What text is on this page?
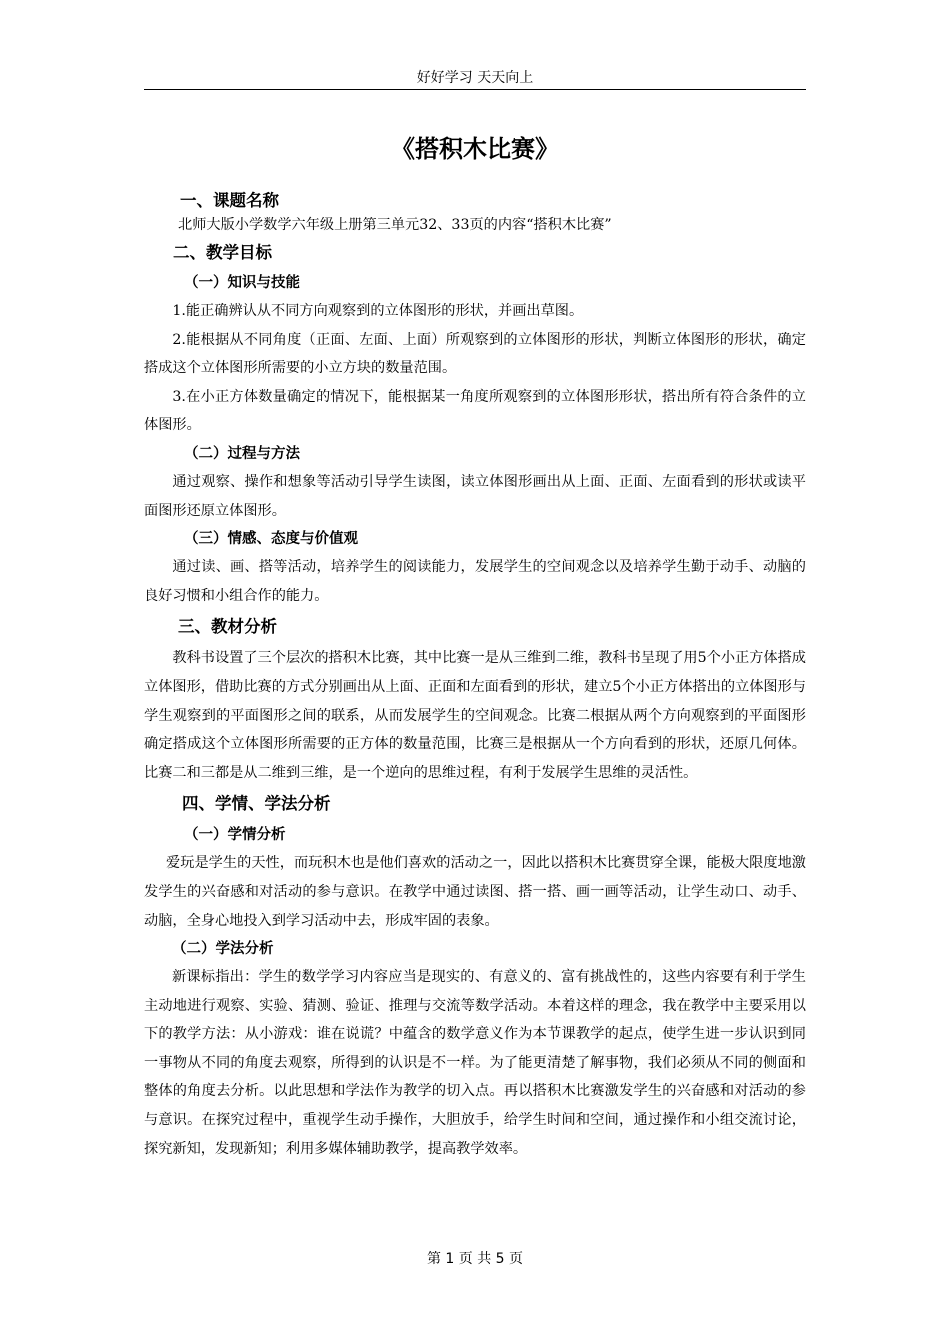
好好学习 天天向上
《搭积木比赛》
一、课题名称

北师大版小学数学六年级上册第三单元32、33页的内容“搭积木比赛”

二、教学目标
（一）知识与技能

1.能正确辨认从不同方向观察到的立体图形的形状，并画出草图。

2.能根据从不同角度（正面、左面、上面）所观察到的立体图形的形状，判断立体图形的形状，确定搭成这个立体图形所需要的小立方块的数量范围。

3.在小正方体数量确定的情况下，能根据某一角度所观察到的立体图形形状，搭出所有符合条件的立体图形。

（二）过程与方法

通过观察、操作和想象等活动引导学生读图，读立体图形画出从上面、正面、左面看到的形状或读平面图形还原立体图形。

（三）情感、态度与价值观

通过读、画、搭等活动，培养学生的阅读能力，发展学生的空间观念以及培养学生勤于动手、动脑的良好习惯和小组合作的能力。

三、教材分析

教科书设置了三个层次的搭积木比赛，其中比赛一是从三维到二维，教科书呈现了用5个小正方体搭成立体图形，借助比赛的方式分别画出从上面、正面和左面看到的形状，建立5个小正方体搭出的立体图形与学生观察到的平面图形之间的联系，从而发展学生的空间观念。比赛二根据从两个方向观察到的平面图形确定搭成这个立体图形所需要的正方体的数量范围，比赛三是根据从一个方向看到的形状，还原几何体。比赛二和三都是从二维到三维，是一个逆向的思维过程，有利于发展学生思维的灵活性。

四、学情、学法分析
（一）学情分析

爱玩是学生的天性，而玩积木也是他们喜欢的活动之一，因此以搭积木比赛贯穿全课，能极大限度地激发学生的兴奋感和对活动的参与意识。在教学中通过读图、搭一搭、画一画等活动，让学生动口、动手、动脑，全身心地投入到学习活动中去，形成牢固的表象。

（二）学法分析

新课标指出：学生的数学学习内容应当是现实的、有意义的、富有挑战性的，这些内容要有利于学生主动地进行观察、实验、猜测、验证、推理与交流等数学活动。本着这样的理念，我在教学中主要采用以下的教学方法：从小游戏：谁在说谎？中蕴含的数学意义作为本节课教学的起点，使学生进一步认识到同一事物从不同的角度去观察，所得到的认识是不一样。为了能更清楚了解事物，我们必须从不同的侧面和整体的角度去分析。以此思想和学法作为教学的切入点。再以搭积木比赛激发学生的兴奋感和对活动的参与意识。在探究过程中，重视学生动手操作，大胆放手，给学生时间和空间，通过操作和小组交流讨论，探究新知，发现新知；利用多媒体辅助教学，提高教学效率。

第 1 页 共 5 页
